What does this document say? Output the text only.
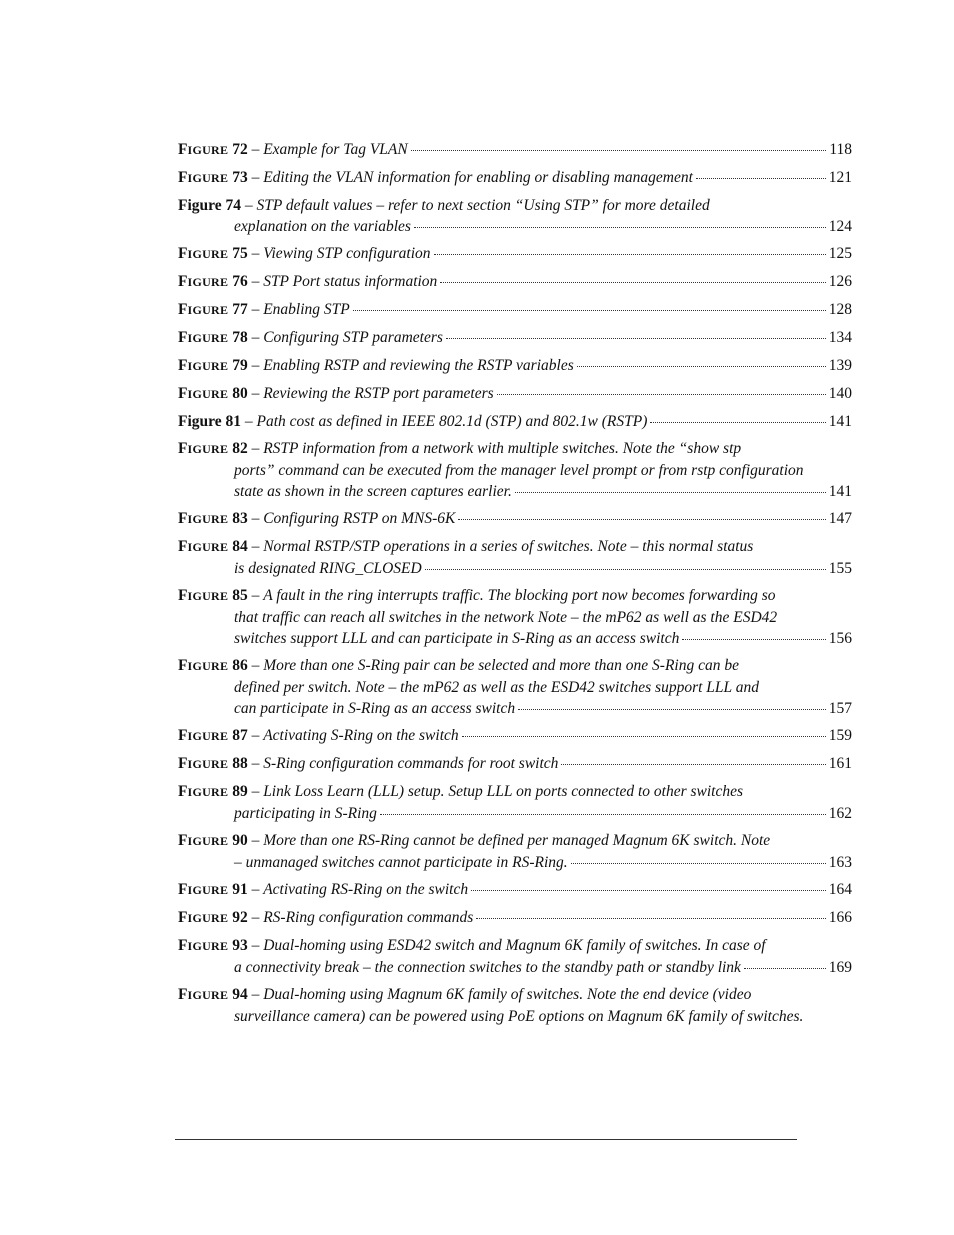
FIGURE 72 – Example for Tag VLAN	118
FIGURE 73 – Editing the VLAN information for enabling or disabling management	121
Figure 74 – STP default values – refer to next section “Using STP” for more detailed
explanation on the variables	124
FIGURE 75 – Viewing STP configuration	125
FIGURE 76 – STP Port status information	126
FIGURE 77 – Enabling STP	128
FIGURE 78 – Configuring STP parameters	134
FIGURE 79 – Enabling RSTP and reviewing the RSTP variables	139
FIGURE 80 – Reviewing the RSTP port parameters	140
Figure 81 – Path cost as defined in IEEE 802.1d (STP) and 802.1w (RSTP)	141
FIGURE 82 – RSTP information from a network with multiple switches. Note the “show stp
ports” command can be executed from the manager level prompt or from rstp configuration
state as shown in the screen captures earlier.	141
FIGURE 83 – Configuring RSTP on MNS-6K	147
FIGURE 84 – Normal RSTP/STP operations in a series of switches. Note – this normal status
is designated RING_CLOSED	155
FIGURE 85 – A fault in the ring interrupts traffic. The blocking port now becomes forwarding so
that traffic can reach all switches in the network Note – the mP62 as well as the ESD42
switches support LLL and can participate in S-Ring as an access switch	156
FIGURE 86 – More than one S-Ring pair can be selected and more than one S-Ring can be
defined per switch. Note – the mP62 as well as the ESD42 switches support LLL and
can participate in S-Ring as an access switch	157
FIGURE 87 – Activating S-Ring on the switch	159
FIGURE 88 – S-Ring configuration commands for root switch	161
FIGURE 89 – Link Loss Learn (LLL) setup. Setup LLL on ports connected to other switches
participating in S-Ring	162
FIGURE 90 – More than one RS-Ring cannot be defined per managed Magnum 6K switch. Note
– unmanaged switches cannot participate in RS-Ring.	163
FIGURE 91 – Activating RS-Ring on the switch	164
FIGURE 92 – RS-Ring configuration commands	166
FIGURE 93 – Dual-homing using ESD42 switch and Magnum 6K family of switches. In case of
a connectivity break – the connection switches to the standby path or standby link	169
FIGURE 94 – Dual-homing using Magnum 6K family of switches. Note the end device (video
surveillance camera) can be powered using PoE options on Magnum 6K family of switches.
